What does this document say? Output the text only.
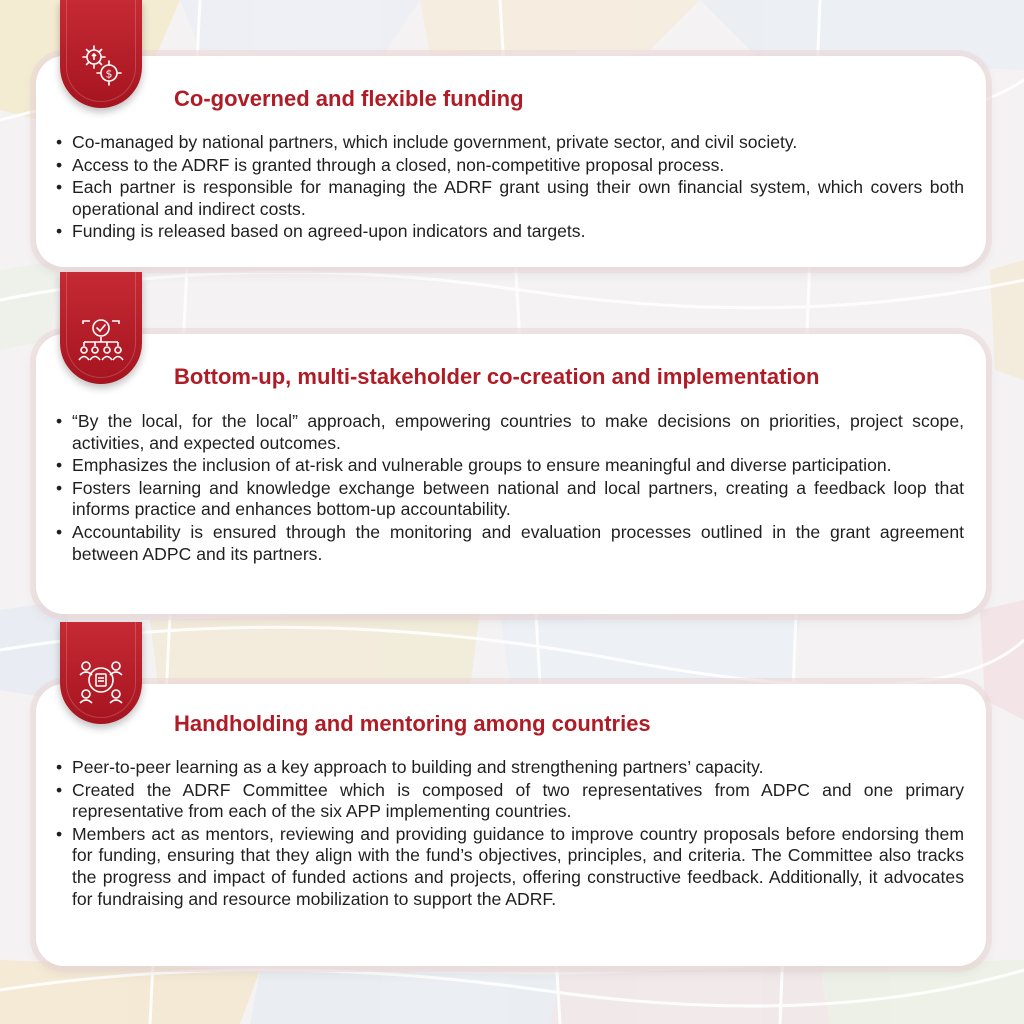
Co-governed and flexible funding
• Co-managed by national partners, which include government, private sector, and civil society.
• Access to the ADRF is granted through a closed, non-competitive proposal process.
• Each partner is responsible for managing the ADRF grant using their own financial system, which covers both operational and indirect costs.
• Funding is released based on agreed-upon indicators and targets.
$
Bottom-up, multi-stakeholder co-creation and implementation
• “By the local, for the local” approach, empowering countries to make decisions on priorities, project scope, activities, and expected outcomes.
• Emphasizes the inclusion of at-risk and vulnerable groups to ensure meaningful and diverse participation.
• Fosters learning and knowledge exchange between national and local partners, creating a feedback loop that informs practice and enhances bottom-up accountability.
• Accountability is ensured through the monitoring and evaluation processes outlined in the grant agreement between ADPC and its partners.
Handholding and mentoring among countries
• Peer-to-peer learning as a key approach to building and strengthening partners’ capacity.
• Created the ADRF Committee which is composed of two representatives from ADPC and one primary representative from each of the six APP implementing countries.
• Members act as mentors, reviewing and providing guidance to improve country proposals before endorsing them for funding, ensuring that they align with the fund’s objectives, principles, and criteria. The Committee also tracks the progress and impact of funded actions and projects, offering constructive feedback. Additionally, it advocates for fundraising and resource mobilization to support the ADRF.
